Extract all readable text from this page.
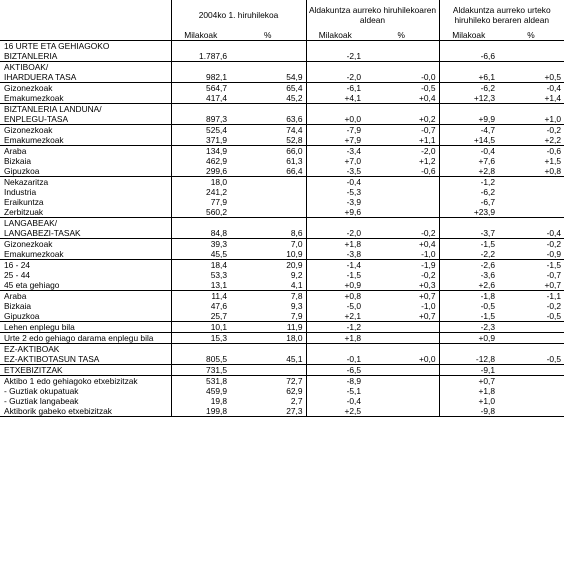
	2004ko 1. hiruhilekoa		Aldakuntza aurreko hiruhilekoaren aldean		Aldakuntza aurreko urteko hiruhileko beraren aldean	
	Milakoak	%	Milakoak	%	Milakoak	%
16 URTE ETA GEHIAGOKO						
BIZTANLERIA	1.787,6		-2,1		-6,6	
AKTIBOAK/						
IHARDUERA TASA	982,1	54,9	-2,0	-0,0	+6,1	+0,5
Gizonezkoak	564,7	65,4	-6,1	-0,5	-6,2	-0,4
Emakumezkoak	417,4	45,2	+4,1	+0,4	+12,3	+1,4
BIZTANLERIA LANDUNA/						
ENPLEGU-TASA	897,3	63,6	+0,0	+0,2	+9,9	+1,0
Gizonezkoak	525,4	74,4	-7,9	-0,7	-4,7	-0,2
Emakumezkoak	371,9	52,8	+7,9	+1,1	+14,5	+2,2
Araba	134,9	66,0	-3,4	-2,0	-0,4	-0,6
Bizkaia	462,9	61,3	+7,0	+1,2	+7,6	+1,5
Gipuzkoa	299,6	66,4	-3,5	-0,6	+2,8	+0,8
Nekazaritza	18,0		-0,4		-1,2	
Industria	241,2		-5,3		-6,2	
Eraikuntza	77,9		-3,9		-6,7	
Zerbitzuak	560,2		+9,6		+23,9	
LANGABEAK/						
LANGABEZI-TASAK	84,8	8,6	-2,0	-0,2	-3,7	-0,4
Gizonezkoak	39,3	7,0	+1,8	+0,4	-1,5	-0,2
Emakumezkoak	45,5	10,9	-3,8	-1,0	-2,2	-0,9
16 - 24	18,4	20,9	-1,4	-1,9	-2,6	-1,5
25 - 44	53,3	9,2	-1,5	-0,2	-3,6	-0,7
45 eta gehiago	13,1	4,1	+0,9	+0,3	+2,6	+0,7
Araba	11,4	7,8	+0,8	+0,7	-1,8	-1,1
Bizkaia	47,6	9,3	-5,0	-1,0	-0,5	-0,2
Gipuzkoa	25,7	7,9	+2,1	+0,7	-1,5	-0,5
Lehen enplegu bila	10,1	11,9	-1,2		-2,3	
Urte 2 edo gehiago darama enplegu bila	15,3	18,0	+1,8		+0,9	
EZ-AKTIBOAK						
EZ-AKTIBOTASUN TASA	805,5	45,1	-0,1	+0,0	-12,8	-0,5
ETXEBIZITZAK	731,5		-6,5		-9,1	
Aktibo 1 edo gehiagoko etxebizitzak	531,8	72,7	-8,9		+0,7	
- Guztiak okupatuak	459,9	62,9	-5,1		+1,8	
- Guztiak langabeak	19,8	2,7	-0,4		+1,0	
Aktiborik gabeko etxebizitzak	199,8	27,3	+2,5		-9,8	
